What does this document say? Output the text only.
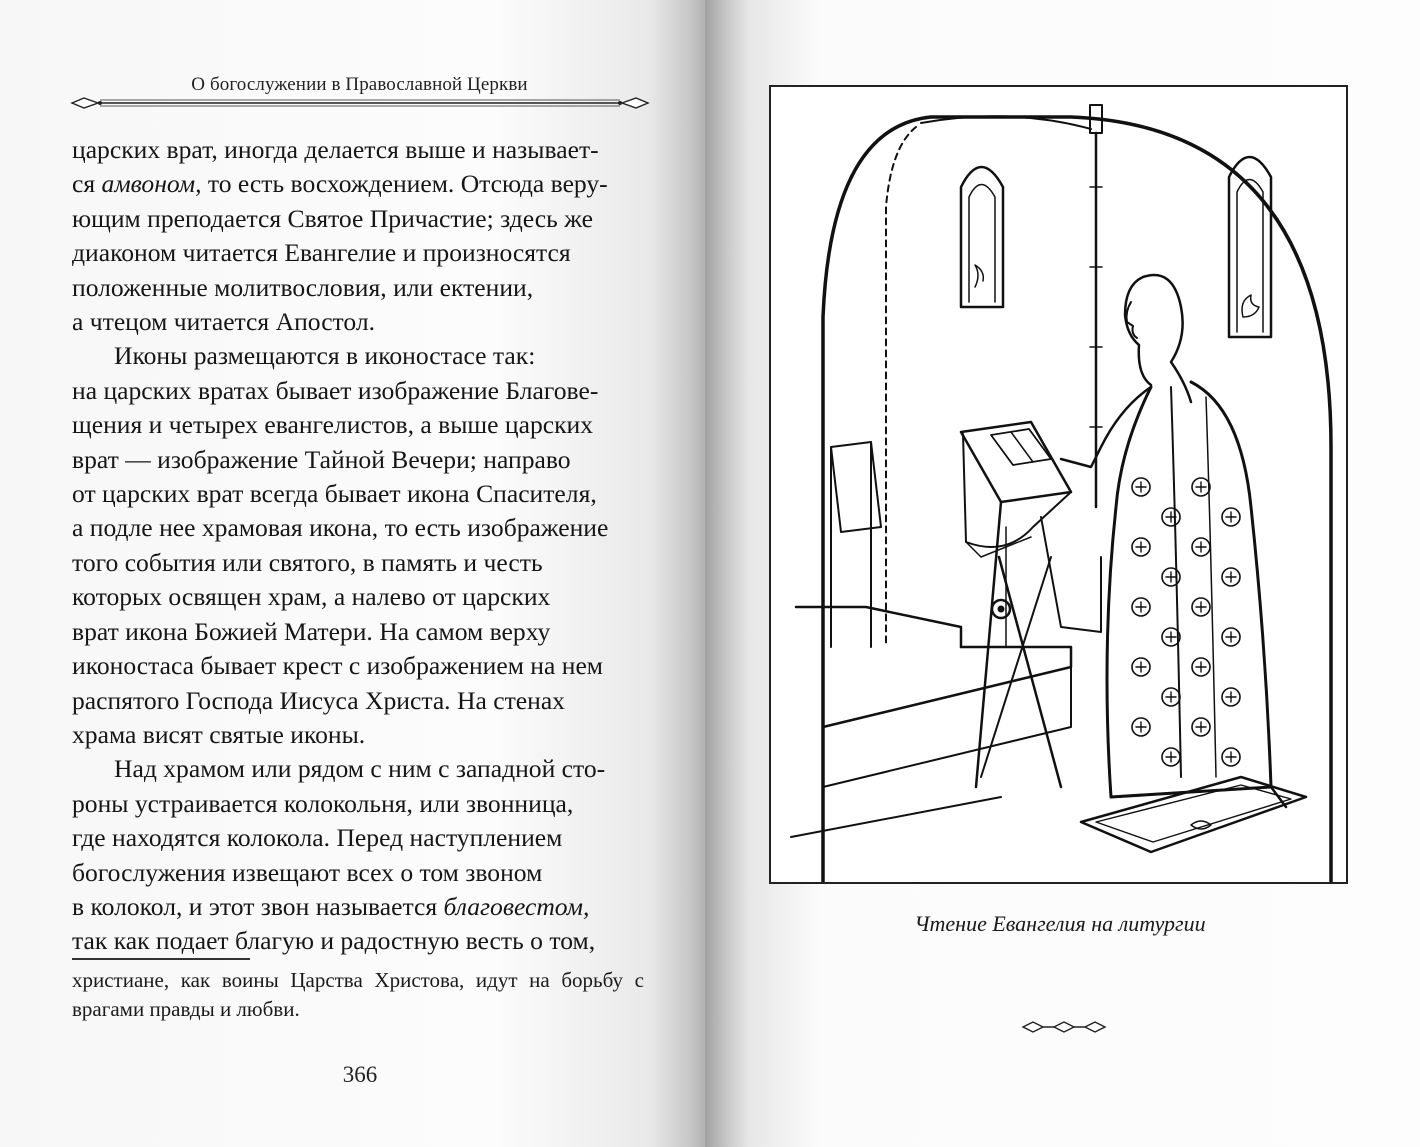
О богослужении в Православной Церкви

царских врат, иногда делается выше и называет-
ся амвоном, то есть восхождением. Отсюда веру-
ющим преподается Святое Причастие; здесь же
диаконом читается Евангелие и произносятся
положенные молитвословия, или ектении,
а чтецом читается Апостол.

Иконы размещаются в иконостасе так:
на царских вратах бывает изображение Благове-
щения и четырех евангелистов, а выше царских
врат — изображение Тайной Вечери; направо
от царских врат всегда бывает икона Спасителя,
а подле нее храмовая икона, то есть изображение
того события или святого, в память и честь
которых освящен храм, а налево от царских
врат икона Божией Матери. На самом верху
иконостаса бывает крест с изображением на нем
распятого Господа Иисуса Христа. На стенах
храма висят святые иконы.

Над храмом или рядом с ним с западной сто-
роны устраивается колокольня, или звонница,
где находятся колокола. Перед наступлением
богослужения извещают всех о том звоном
в колокол, и этот звон называется благовестом,
так как подает благую и радостную весть о том,

христиане, как воины Царства Христова, идут на борьбу с врагами правды и любви.
366
Чтение Евангелия на литургии
